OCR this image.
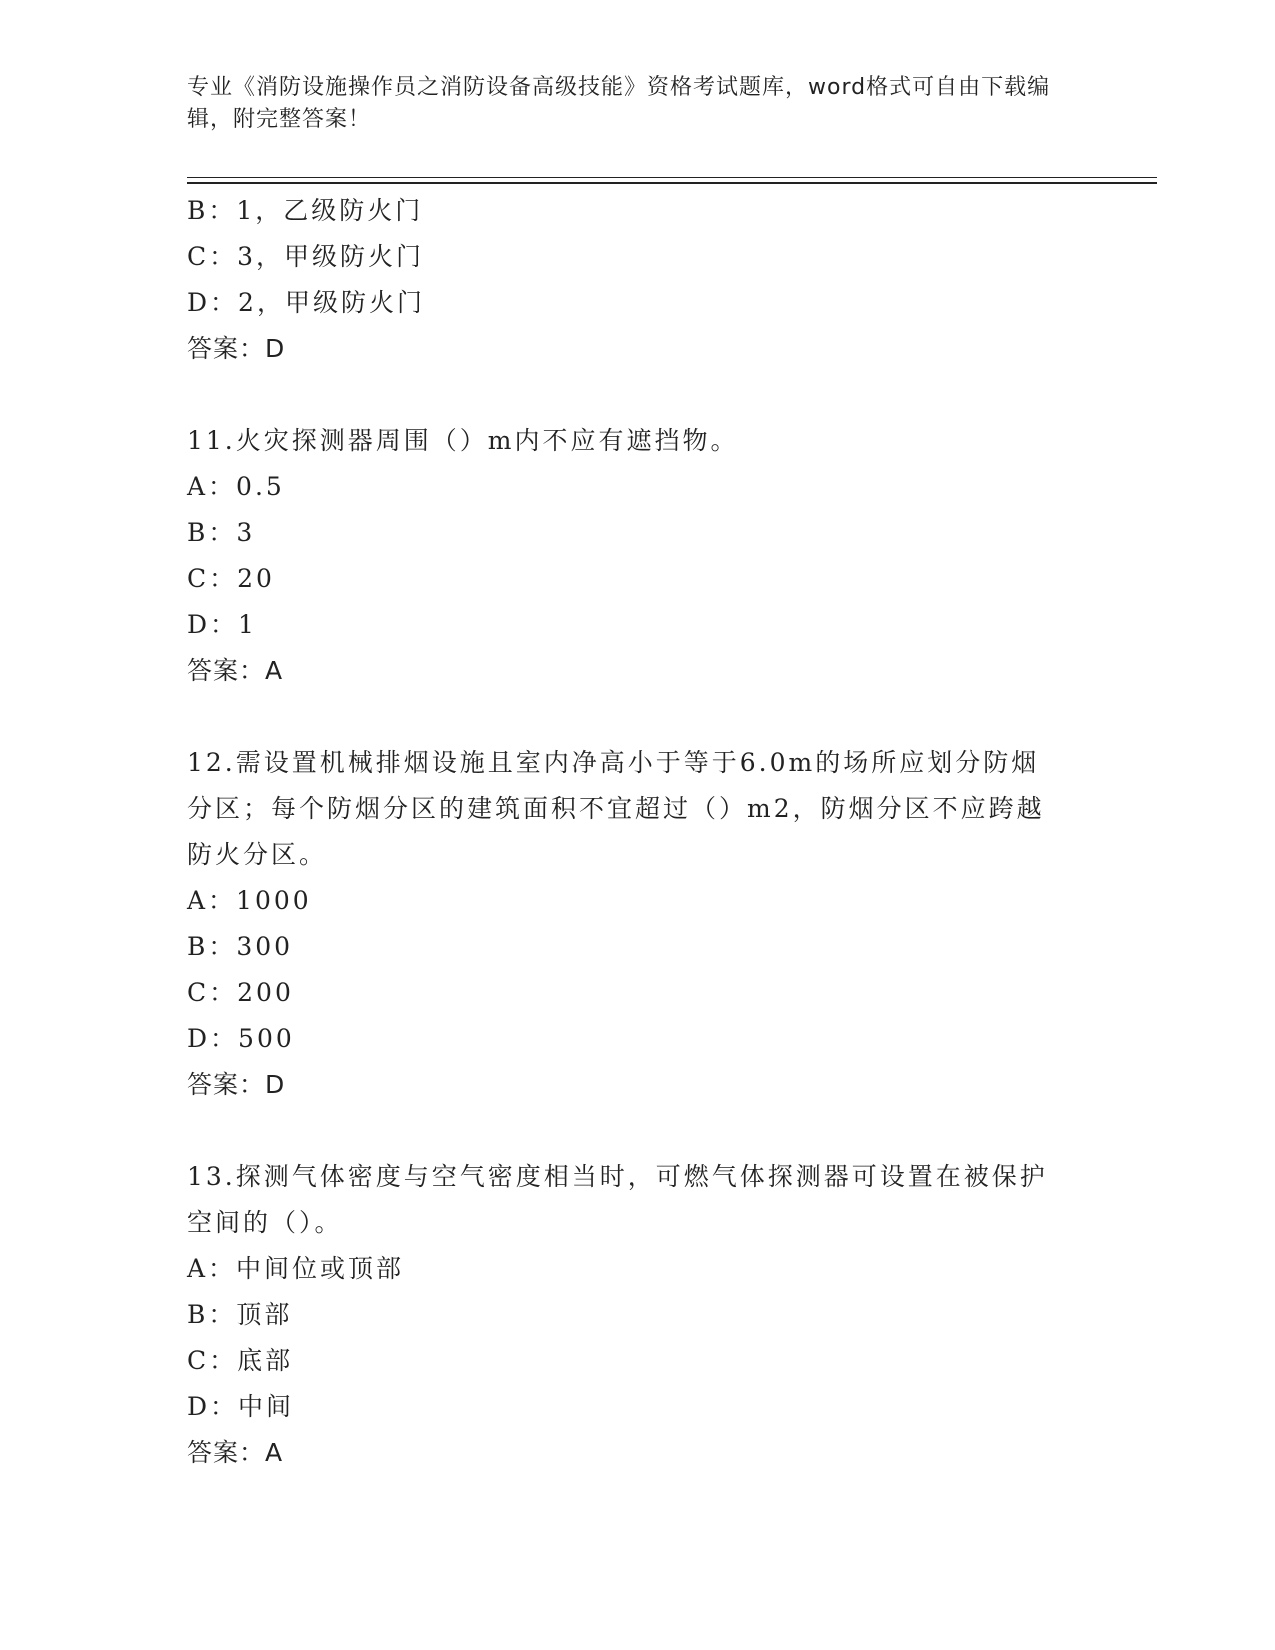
专业《消防设施操作员之消防设备高级技能》资格考试题库，word格式可自由下载编辑，附完整答案！
B：1，乙级防火门
C：3，甲级防火门
D：2，甲级防火门
答案：D
11.火灾探测器周围（）m内不应有遮挡物。
A：0.5
B：3
C：20
D：1
答案：A
12.需设置机械排烟设施且室内净高小于等于6.0m的场所应划分防烟分区；每个防烟分区的建筑面积不宜超过（）m2，防烟分区不应跨越防火分区。
A：1000
B：300
C：200
D：500
答案：D
13.探测气体密度与空气密度相当时，可燃气体探测器可设置在被保护空间的（）。
A：中间位或顶部
B：顶部
C：底部
D：中间
答案：A
